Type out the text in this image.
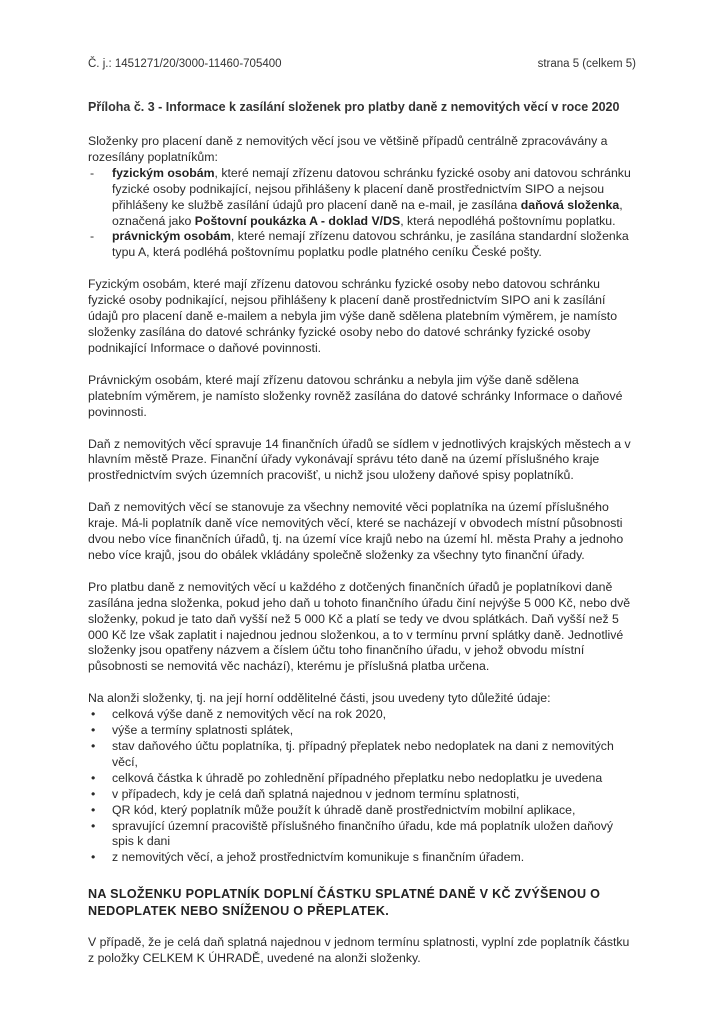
Č. j.: 1451271/20/3000-11460-705400	strana 5 (celkem 5)
Příloha č. 3 - Informace k zasílání složenek pro platby daně z nemovitých věcí v roce 2020

Složenky pro placení daně z nemovitých věcí jsou ve většině případů centrálně zpracovávány a rozesílány poplatníkům:

- fyzickým osobám, které nemají zřízenu datovou schránku fyzické osoby ani datovou schránku fyzické osoby podnikající, nejsou přihlášeny k placení daně prostřednictvím SIPO a nejsou přihlášeny ke službě zasílání údajů pro placení daně na e-mail, je zasílána daňová složenka, označená jako Poštovní poukázka A - doklad V/DS, která nepodléhá poštovnímu poplatku.
- právnickým osobám, které nemají zřízenu datovou schránku, je zasílána standardní složenka typu A, která podléhá poštovnímu poplatku podle platného ceníku České pošty.

Fyzickým osobám, které mají zřízenu datovou schránku fyzické osoby nebo datovou schránku fyzické osoby podnikající, nejsou přihlášeny k placení daně prostřednictvím SIPO ani k zasílání údajů pro placení daně e-mailem a nebyla jim výše daně sdělena platebním výměrem, je namísto složenky zasílána do datové schránky fyzické osoby nebo do datové schránky fyzické osoby podnikající Informace o daňové povinnosti.

Právnickým osobám, které mají zřízenu datovou schránku a nebyla jim výše daně sdělena platebním výměrem, je namísto složenky rovněž zasílána do datové schránky Informace o daňové povinnosti.

Daň z nemovitých věcí spravuje 14 finančních úřadů se sídlem v jednotlivých krajských městech a v hlavním městě Praze. Finanční úřady vykonávají správu této daně na území příslušného kraje prostřednictvím svých územních pracovišť, u nichž jsou uloženy daňové spisy poplatníků.

Daň z nemovitých věcí se stanovuje za všechny nemovité věci poplatníka na území příslušného kraje. Má-li poplatník daně více nemovitých věcí, které se nacházejí v obvodech místní působnosti dvou nebo více finančních úřadů, tj. na území více krajů nebo na území hl. města Prahy a jednoho nebo více krajů, jsou do obálek vkládány společně složenky za všechny tyto finanční úřady.

Pro platbu daně z nemovitých věcí u každého z dotčených finančních úřadů je poplatníkovi daně zasílána jedna složenka, pokud jeho daň u tohoto finančního úřadu činí nejvýše 5 000 Kč, nebo dvě složenky, pokud je tato daň vyšší než 5 000 Kč a platí se tedy ve dvou splátkách. Daň vyšší než 5 000 Kč lze však zaplatit i najednou jednou složenkou, a to v termínu první splátky daně. Jednotlivé složenky jsou opatřeny názvem a číslem účtu toho finančního úřadu, v jehož obvodu místní působnosti se nemovitá věc nachází), kterému je příslušná platba určena.

Na alonži složenky, tj. na její horní oddělitelné části, jsou uvedeny tyto důležité údaje:

• celková výše daně z nemovitých věcí na rok 2020,
• výše a termíny splatnosti splátek,
• stav daňového účtu poplatníka, tj. případný přeplatek nebo nedoplatek na dani z nemovitých věcí,
• celková částka k úhradě po zohlednění případného přeplatku nebo nedoplatku je uvedena
• v případech, kdy je celá daň splatná najednou v jednom termínu splatnosti,
• QR kód, který poplatník může použít k úhradě daně prostřednictvím mobilní aplikace,
• spravující územní pracoviště příslušného finančního úřadu, kde má poplatník uložen daňový spis k dani
• z nemovitých věcí, a jehož prostřednictvím komunikuje s finančním úřadem.

NA SLOŽENKU POPLATNÍK DOPLNÍ ČÁSTKU SPLATNÉ DANĚ V KČ ZVÝŠENOU O NEDOPLATEK NEBO SNÍŽENOU O PŘEPLATEK.

V případě, že je celá daň splatná najednou v jednom termínu splatnosti, vyplní zde poplatník částku z položky CELKEM K ÚHRADĚ, uvedené na alonži složenky.
